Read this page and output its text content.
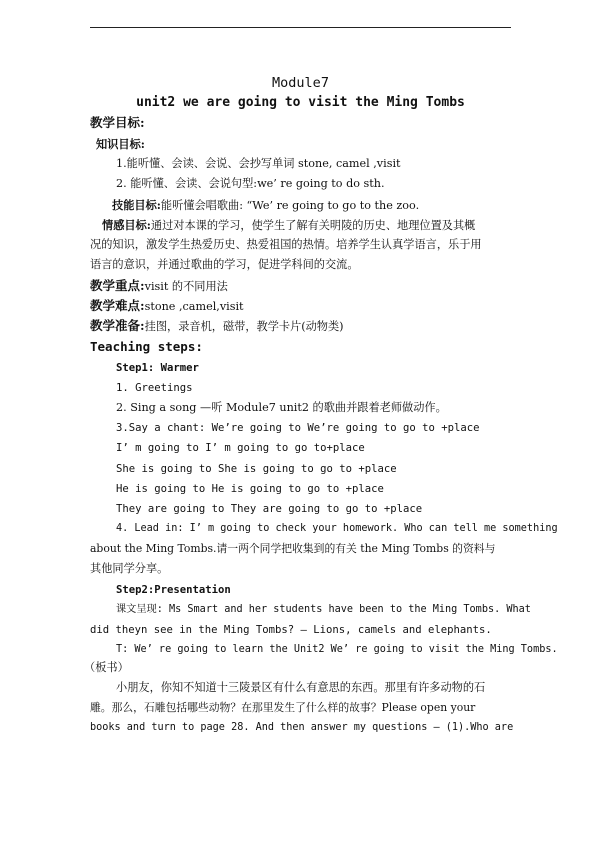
Module7
unit2 we are going to visit the Ming Tombs
教学目标:
知识目标:
1.能听懂、会读、会说、会抄写单词 stone, camel ,visit
2. 能听懂、会读、会说句型:we’ re going to do sth.
技能目标:能听懂会唱歌曲: “We’ re going to go to the zoo.
情感目标:通过对本课的学习，使学生了解有关明陵的历史、地理位置及其概
况的知识，激发学生热爱历史、热爱祖国的热情。培养学生认真学语言，乐于用
语言的意识，并通过歌曲的学习，促进学科间的交流。
教学重点:visit 的不同用法
教学难点:stone ,camel,visit
教学准备:挂图，录音机，磁带，教学卡片(动物类)
Teaching steps:
Step1: Warmer
1. Greetings
2. Sing a song —听 Module7 unit2 的歌曲并跟着老师做动作。
3.Say a chant: We’re going to We’re going to go to +place
I’ m going to I’ m going to go to+place
She is going to She is going to go to +place
He is going to He is going to go to +place
They are going to They are going to go to +place
4. Lead in: I’ m going to check your homework. Who can tell me something
about the Ming Tombs.请一两个同学把收集到的有关 the Ming Tombs 的资料与
其他同学分享。
Step2:Presentation
课文呈现: Ms Smart and her students have been to the Ming Tombs. What
did theyn see in the Ming Tombs? – Lions, camels and elephants.
T: We’ re going to learn the Unit2 We’ re going to visit the Ming Tombs.
（板书）
小朋友，你知不知道十三陵景区有什么有意思的东西。那里有许多动物的石
雕。那么，石雕包括哪些动物？在那里发生了什么样的故事？Please open your
books and turn to page 28. And then answer my questions – (1).Who are
